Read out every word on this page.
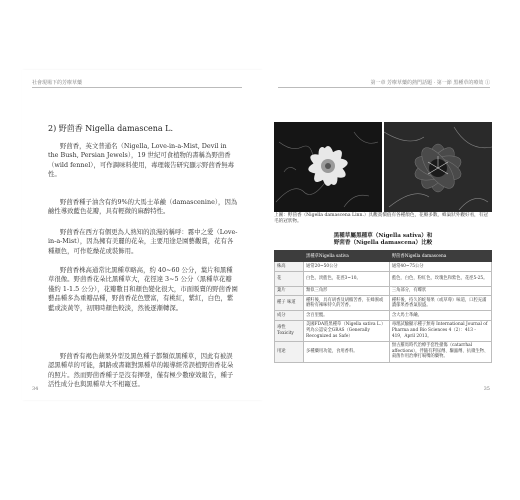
社會現場下的芳療草藥
2) 野茴香 Nigella damascena L.

野茴香，英文普通名（Nigella, Love-in-a-Mist, Devil in the Bush, Persian Jewels），19 世紀可食植物的書稱為野茴香（wild fennel），可作調味料使用，毒理報告研究顯示野茴香無毒性。

野茴香種子油含有約9%的大馬士革鹼（damascenine），因為鹼性導致藍色花瓣，具有輕微的麻醉特性。

野茴香在西方有個更為人熟知的浪漫的稱呼：霧中之愛（Love-in-a-Mist），因為擁有美麗的花朵，主要用途是園藝觀賞，花有各種顏色，可作乾燥花或裝飾用。

野茴香株高通常比黑種草略高，約 40~60 公分，葉片和黑種草很像。野茴香花朵比黑種草大，花徑達 3~5 公分（黑種草花瓣僅約 1-1.5 公分），花瓣數目和顏色變化很大，市面販賣的野茴香園藝品種多為重瓣品種，野茴香花色豐富，有桃紅，紫紅，白色，紫藍或淡黃等，初開時顏色較淡，然後逐漸轉深。

野茴香有褐色蒴果外型及黑色種子都類似黑種草，因此有被誤認黑種草的可能，網路或書籍對黑種草的報導經常誤植野茴香花朵的照片。然而野茴香種子是沒有揮發，僅有極少數療效報告，種子活性成分也與黑種草大不相甌廷。

34
第一章 芳療草藥的熱門話題 · 第一節 黑種草的療效 ①

上圖：野茴香（Nigella damascena Linn.）具觀賞價值有各種顏色，花瓣多數，蜂巢狀外觀好看，有冠毛的冠狀物。

黑種草屬黑種草（Nigella sativa）和
野茴香（Nigella damascena）比較
	黑種草Nigella sativa	野茴香Nigella damascena
株高	通常20~50公分	通常40~75公分
花	白色，淡藍色，花徑3~10。	藍色，白色，粉紅色，玫瑰色和紫色，花徑5-25。
葉片	類似三角形	三角部分，有蝶狀
種子 味道	種籽後，具有胡香及胡椒苦香，在蜂蜜或磨粉有辣味特久的芳香。	種籽後，持久的蛇莓果（或草莓）味道，口腔充滿濃郁果香香氣很盛。
成分	含百里醌。	含大馬士革鹼。
毒性 Toxicity	美國FDA將黑種草（Nigella sativa L.）列為公認安全GRAS（Generally Recognized as Safe）	毒理試驗顯示種子無毒 International Journal of Pharma and Bio Sciences 4（2）：413 - 419，April 2013。
用途	多種藥用功能，食用香料。	無古羅馬時代治療手套性搔傷（catarrhal affections），伴隨有利尿劑、驅蟲劑、抗微生物、殺菌作用治療打嗝嘴的藥物。
35
